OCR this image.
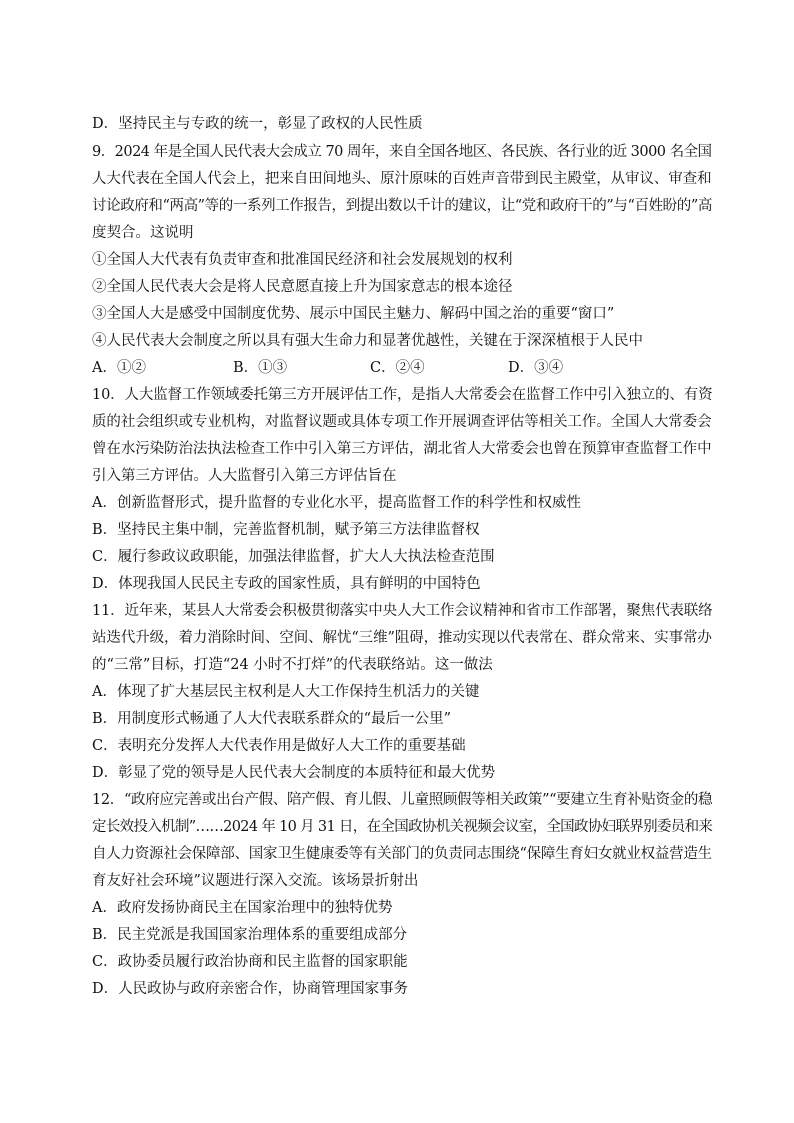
D．坚持民主与专政的统一，彰显了政权的人民性质
9．2024 年是全国人民代表大会成立 70 周年，来自全国各地区、各民族、各行业的近 3000 名全国
人大代表在全国人代会上，把来自田间地头、原汁原味的百姓声音带到民主殿堂，从审议、审查和
讨论政府和“两高”等的一系列工作报告，到提出数以千计的建议，让“党和政府干的”与“百姓盼的”高
度契合。这说明
①全国人大代表有负责审查和批准国民经济和社会发展规划的权利
②全国人民代表大会是将人民意愿直接上升为国家意志的根本途径
③全国人大是感受中国制度优势、展示中国民主魅力、解码中国之治的重要“窗口”
④人民代表大会制度之所以具有强大生命力和显著优越性，关键在于深深植根于人民中
A．①②	B．①③	C．②④	D．③④
10．人大监督工作领域委托第三方开展评估工作，是指人大常委会在监督工作中引入独立的、有资
质的社会组织或专业机构，对监督议题或具体专项工作开展调查评估等相关工作。全国人大常委会
曾在水污染防治法执法检查工作中引入第三方评估，湖北省人大常委会也曾在预算审查监督工作中
引入第三方评估。人大监督引入第三方评估旨在
A．创新监督形式，提升监督的专业化水平，提高监督工作的科学性和权威性
B．坚持民主集中制，完善监督机制，赋予第三方法律监督权
C．履行参政议政职能，加强法律监督，扩大人大执法检查范围
D．体现我国人民民主专政的国家性质，具有鲜明的中国特色
11．近年来，某县人大常委会积极贯彻落实中央人大工作会议精神和省市工作部署，聚焦代表联络
站迭代升级，着力消除时间、空间、解忧“三维”阻碍，推动实现以代表常在、群众常来、实事常办
的“三常”目标，打造“24 小时不打烊”的代表联络站。这一做法
A．体现了扩大基层民主权利是人大工作保持生机活力的关键
B．用制度形式畅通了人大代表联系群众的“最后一公里”
C．表明充分发挥人大代表作用是做好人大工作的重要基础
D．彰显了党的领导是人民代表大会制度的本质特征和最大优势
12．“政府应完善或出台产假、陪产假、育儿假、儿童照顾假等相关政策”“要建立生育补贴资金的稳
定长效投入机制”……2024 年 10 月 31 日，在全国政协机关视频会议室，全国政协妇联界别委员和来
自人力资源社会保障部、国家卫生健康委等有关部门的负责同志围绕“保障生育妇女就业权益营造生
育友好社会环境”议题进行深入交流。该场景折射出
A．政府发扬协商民主在国家治理中的独特优势
B．民主党派是我国国家治理体系的重要组成部分
C．政协委员履行政治协商和民主监督的国家职能
D．人民政协与政府亲密合作，协商管理国家事务
